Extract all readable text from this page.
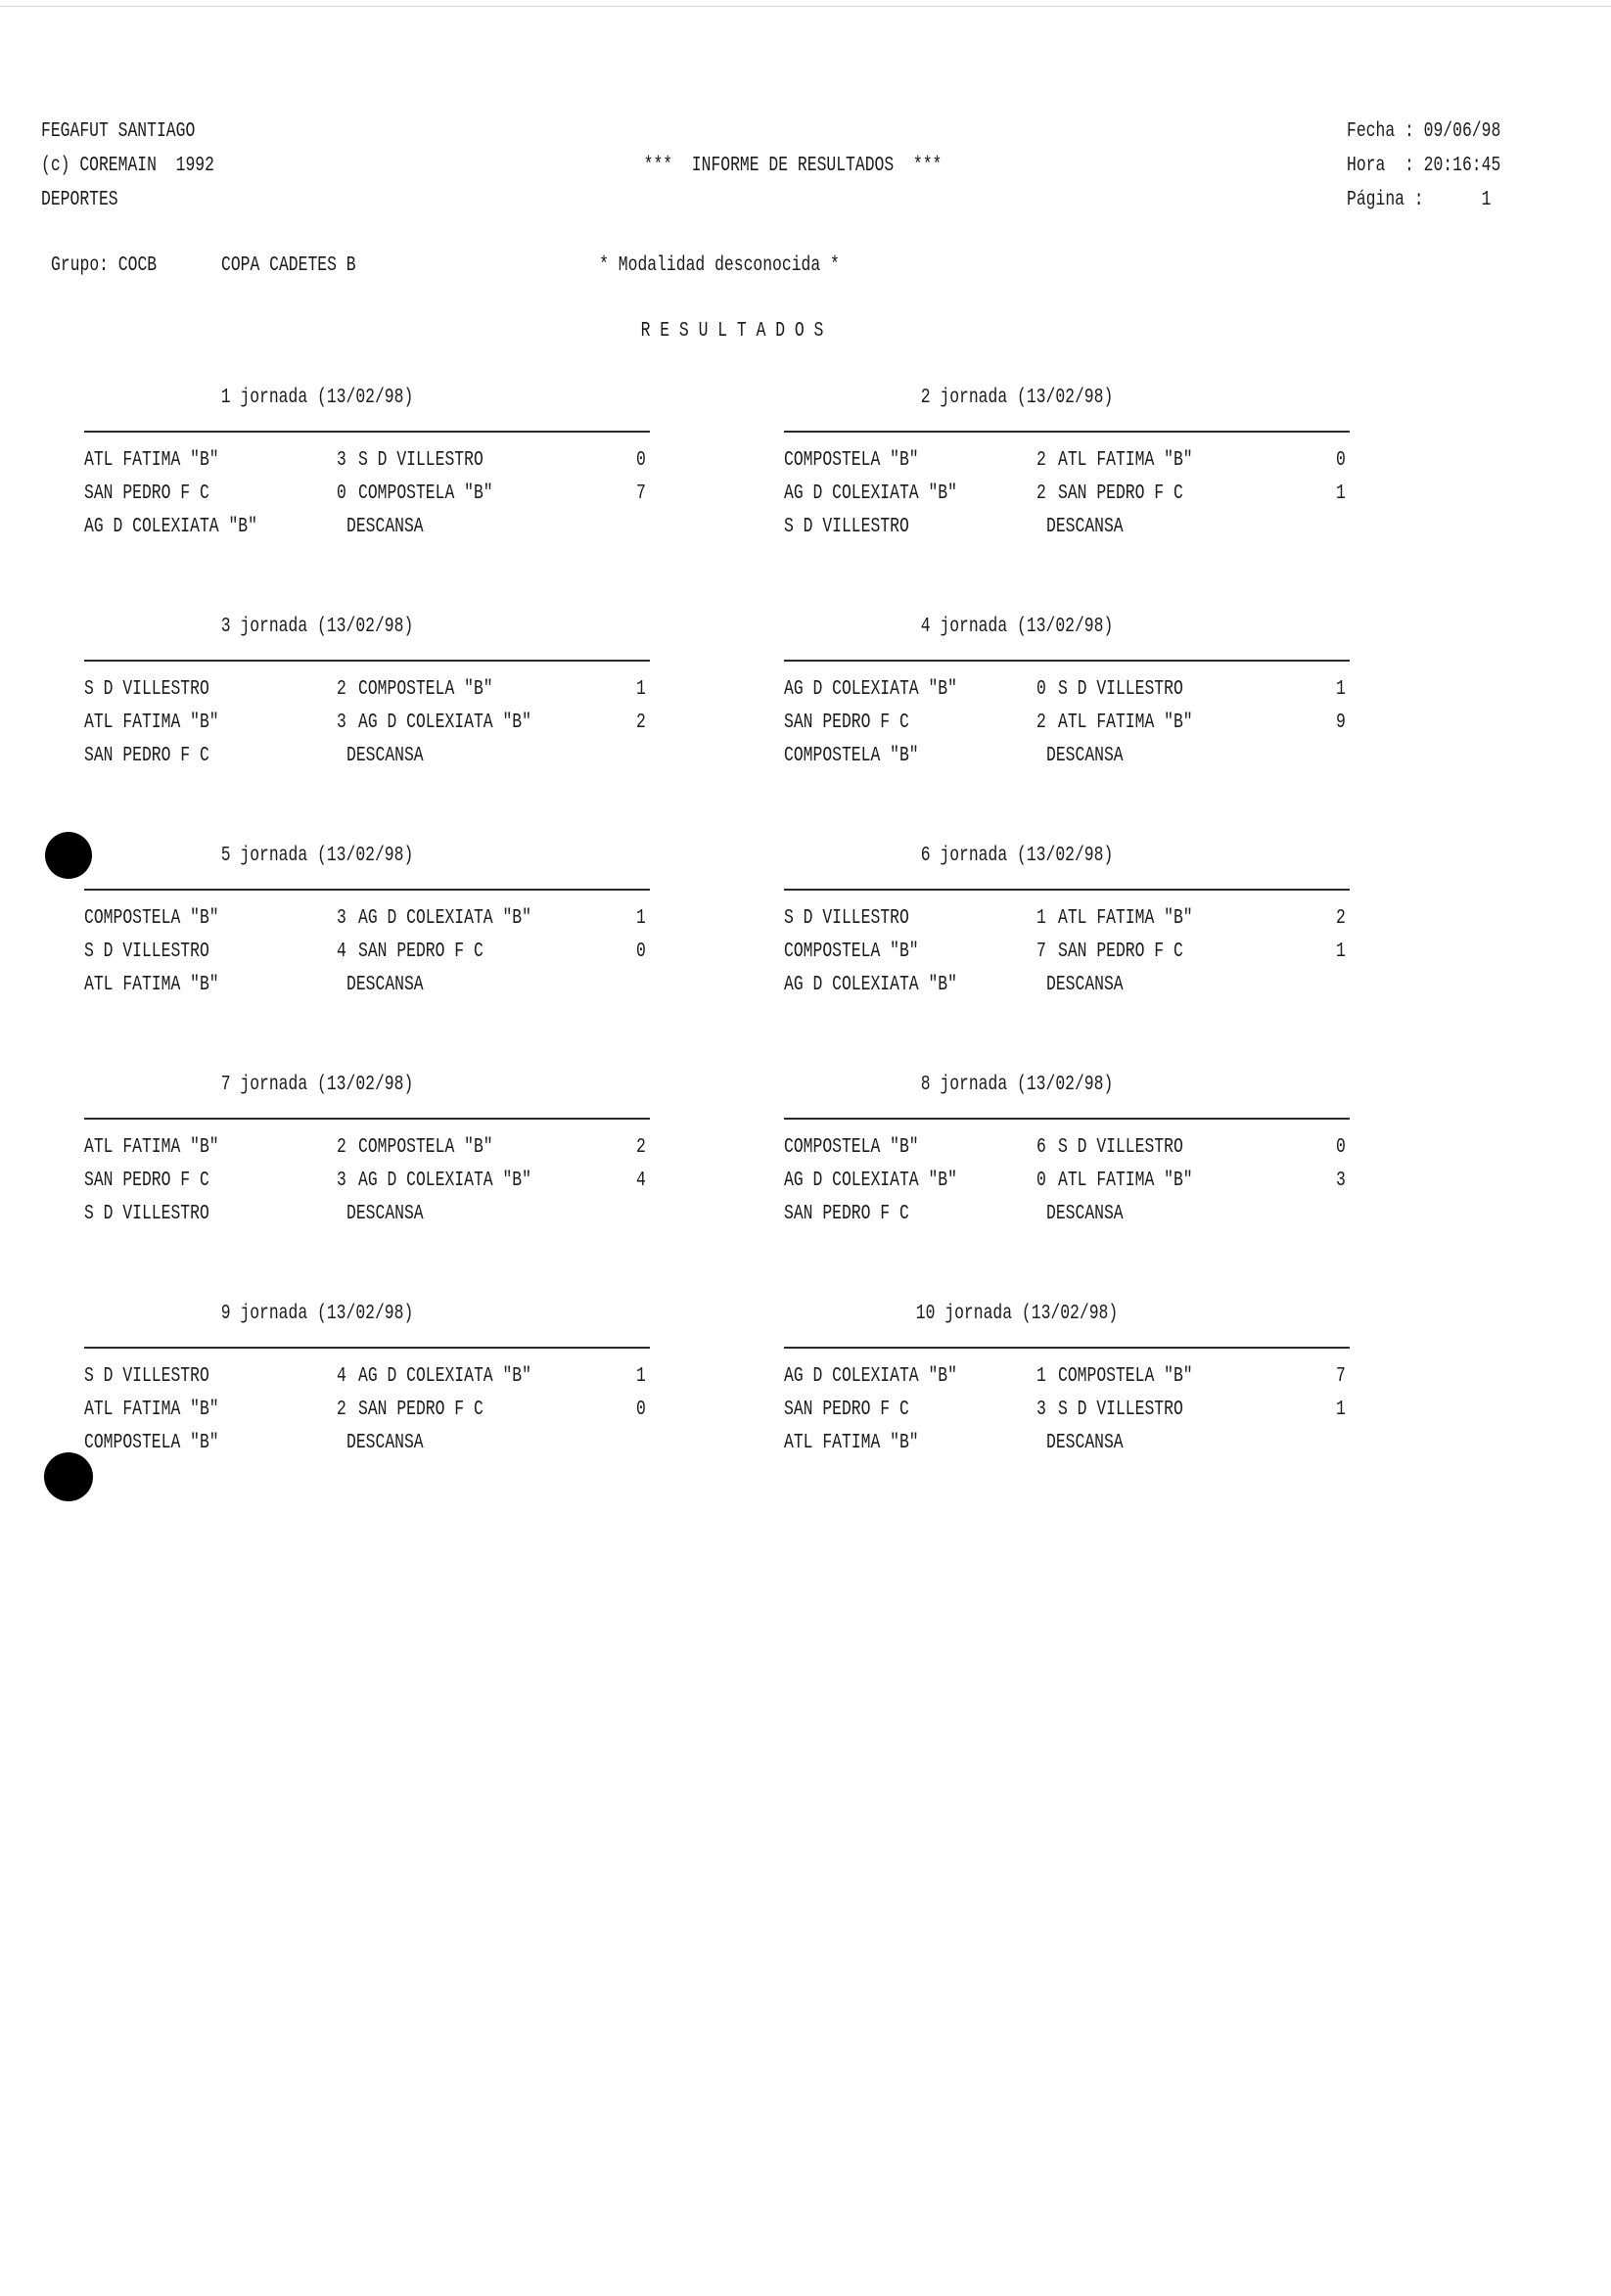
FEGAFUT SANTIAGO
(c) COREMAIN  1992
DEPORTES
***  INFORME DE RESULTADOS  ***
Fecha : 09/06/98
Hora  : 20:16:45
Página :      1
Grupo: COCB	COPA CADETES B	* Modalidad desconocida *
R E S U L T A D O S
1 jornada (13/02/98)
ATL FATIMA "B"	3 S D VILLESTRO	0
SAN PEDRO F C	0 COMPOSTELA "B"	7
AG D COLEXIATA "B"	DESCANSA
2 jornada (13/02/98)
COMPOSTELA "B"	2 ATL FATIMA "B"	0
AG D COLEXIATA "B"	2 SAN PEDRO F C	1
S D VILLESTRO	DESCANSA
3 jornada (13/02/98)
S D VILLESTRO	2 COMPOSTELA "B"	1
ATL FATIMA "B"	3 AG D COLEXIATA "B"	2
SAN PEDRO F C	DESCANSA
4 jornada (13/02/98)
AG D COLEXIATA "B"	0 S D VILLESTRO	1
SAN PEDRO F C	2 ATL FATIMA "B"	9
COMPOSTELA "B"	DESCANSA
5 jornada (13/02/98)
COMPOSTELA "B"	3 AG D COLEXIATA "B"	1
S D VILLESTRO	4 SAN PEDRO F C	0
ATL FATIMA "B"	DESCANSA
6 jornada (13/02/98)
S D VILLESTRO	1 ATL FATIMA "B"	2
COMPOSTELA "B"	7 SAN PEDRO F C	1
AG D COLEXIATA "B"	DESCANSA
7 jornada (13/02/98)
ATL FATIMA "B"	2 COMPOSTELA "B"	2
SAN PEDRO F C	3 AG D COLEXIATA "B"	4
S D VILLESTRO	DESCANSA
8 jornada (13/02/98)
COMPOSTELA "B"	6 S D VILLESTRO	0
AG D COLEXIATA "B"	0 ATL FATIMA "B"	3
SAN PEDRO F C	DESCANSA
9 jornada (13/02/98)
S D VILLESTRO	4 AG D COLEXIATA "B"	1
ATL FATIMA "B"	2 SAN PEDRO F C	0
COMPOSTELA "B"	DESCANSA
10 jornada (13/02/98)
AG D COLEXIATA "B"	1 COMPOSTELA "B"	7
SAN PEDRO F C	3 S D VILLESTRO	1
ATL FATIMA "B"	DESCANSA
